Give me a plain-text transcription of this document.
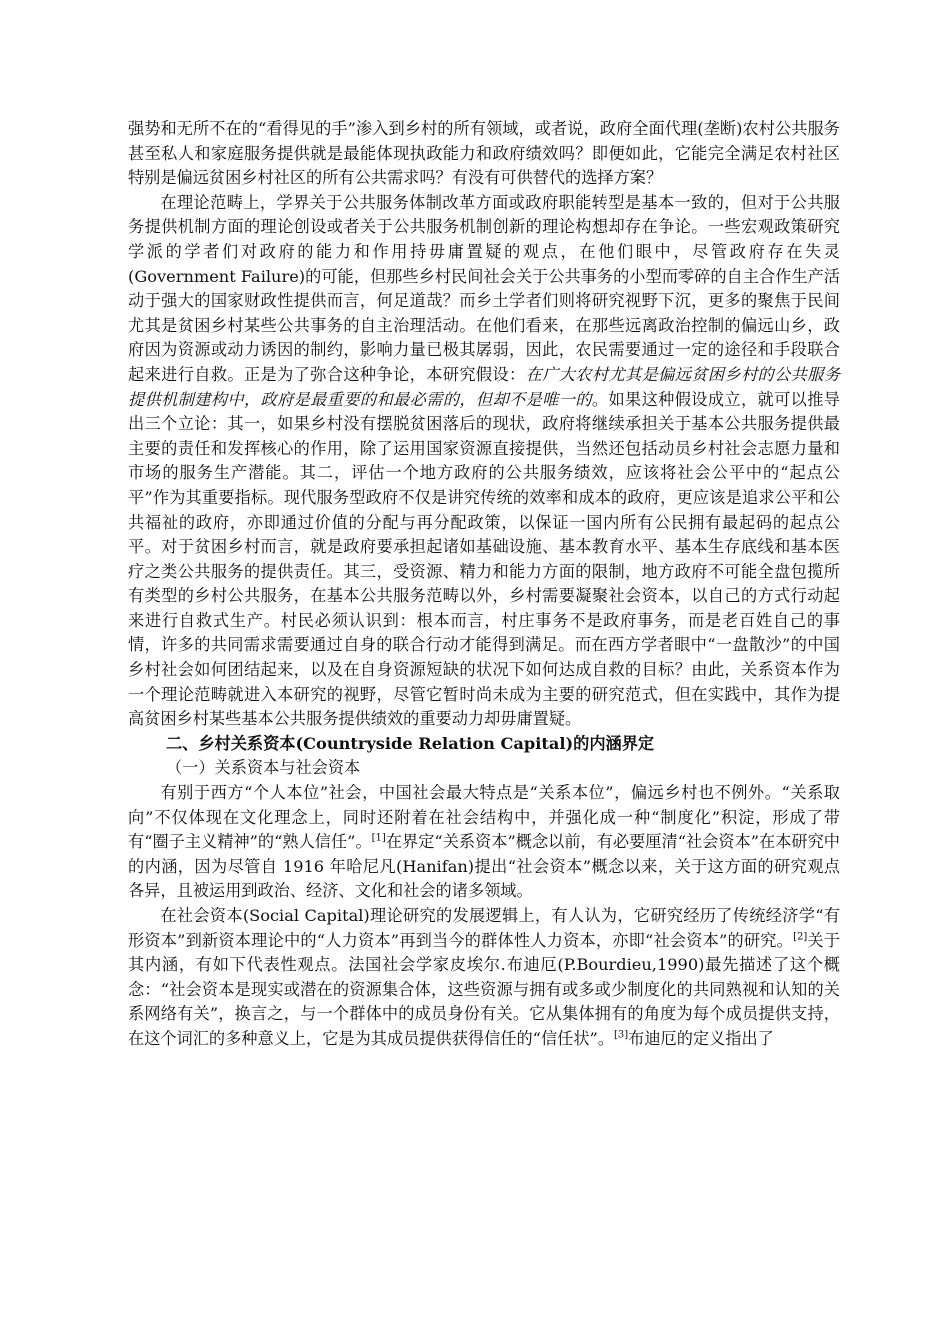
强势和无所不在的“看得见的手”渗入到乡村的所有领域，或者说，政府全面代理(垄断)农村公共服务甚至私人和家庭服务提供就是最能体现执政能力和政府绩效吗？即便如此，它能完全满足农村社区特别是偏远贫困乡村社区的所有公共需求吗？有没有可供替代的选择方案？

在理论范畴上，学界关于公共服务体制改革方面或政府职能转型是基本一致的，但对于公共服务提供机制方面的理论创设或者关于公共服务机制创新的理论构想却存在争论。一些宏观政策研究学派的学者们对政府的能力和作用持毋庸置疑的观点，在他们眼中，尽管政府存在失灵(Government Failure)的可能，但那些乡村民间社会关于公共事务的小型而零碎的自主合作生产活动于强大的国家财政性提供而言，何足道哉？而乡土学者们则将研究视野下沉，更多的聚焦于民间尤其是贫困乡村某些公共事务的自主治理活动。在他们看来，在那些远离政治控制的偏远山乡，政府因为资源或动力诱因的制约，影响力量已极其孱弱，因此，农民需要通过一定的途径和手段联合起来进行自救。正是为了弥合这种争论，本研究假设：在广大农村尤其是偏远贫困乡村的公共服务提供机制建构中，政府是最重要的和最必需的，但却不是唯一的。如果这种假设成立，就可以推导出三个立论：其一，如果乡村没有摆脱贫困落后的现状，政府将继续承担关于基本公共服务提供最主要的责任和发挥核心的作用，除了运用国家资源直接提供，当然还包括动员乡村社会志愿力量和市场的服务生产潜能。其二，评估一个地方政府的公共服务绩效，应该将社会公平中的“起点公平”作为其重要指标。现代服务型政府不仅是讲究传统的效率和成本的政府，更应该是追求公平和公共福祉的政府，亦即通过价值的分配与再分配政策，以保证一国内所有公民拥有最起码的起点公平。对于贫困乡村而言，就是政府要承担起诸如基础设施、基本教育水平、基本生存底线和基本医疗之类公共服务的提供责任。其三，受资源、精力和能力方面的限制，地方政府不可能全盘包揽所有类型的乡村公共服务，在基本公共服务范畴以外，乡村需要凝聚社会资本，以自己的方式行动起来进行自救式生产。村民必须认识到：根本而言，村庄事务不是政府事务，而是老百姓自己的事情，许多的共同需求需要通过自身的联合行动才能得到满足。而在西方学者眼中“一盘散沙”的中国乡村社会如何团结起来，以及在自身资源短缺的状况下如何达成自救的目标？由此，关系资本作为一个理论范畴就进入本研究的视野，尽管它暂时尚未成为主要的研究范式，但在实践中，其作为提高贫困乡村某些基本公共服务提供绩效的重要动力却毋庸置疑。

二、乡村关系资本(Countryside Relation Capital)的内涵界定

（一）关系资本与社会资本

有别于西方“个人本位”社会，中国社会最大特点是“关系本位”，偏远乡村也不例外。“关系取向”不仅体现在文化理念上，同时还附着在社会结构中，并强化成一种“制度化”积淀，形成了带有“圈子主义精神”的“熟人信任”。[1]在界定“关系资本”概念以前，有必要厘清“社会资本”在本研究中的内涵，因为尽管自 1916 年哈尼凡(Hanifan)提出“社会资本”概念以来，关于这方面的研究观点各异，且被运用到政治、经济、文化和社会的诸多领域。

在社会资本(Social Capital)理论研究的发展逻辑上，有人认为，它研究经历了传统经济学“有形资本”到新资本理论中的“人力资本”再到当今的群体性人力资本，亦即“社会资本”的研究。[2]关于其内涵，有如下代表性观点。法国社会学家皮埃尔.布迪厄(P.Bourdieu,1990)最先描述了这个概念：“社会资本是现实或潜在的资源集合体，这些资源与拥有或多或少制度化的共同熟视和认知的关系网络有关”，换言之，与一个群体中的成员身份有关。它从集体拥有的角度为每个成员提供支持，在这个词汇的多种意义上，它是为其成员提供获得信任的“信任状”。[3]布迪厄的定义指出了
